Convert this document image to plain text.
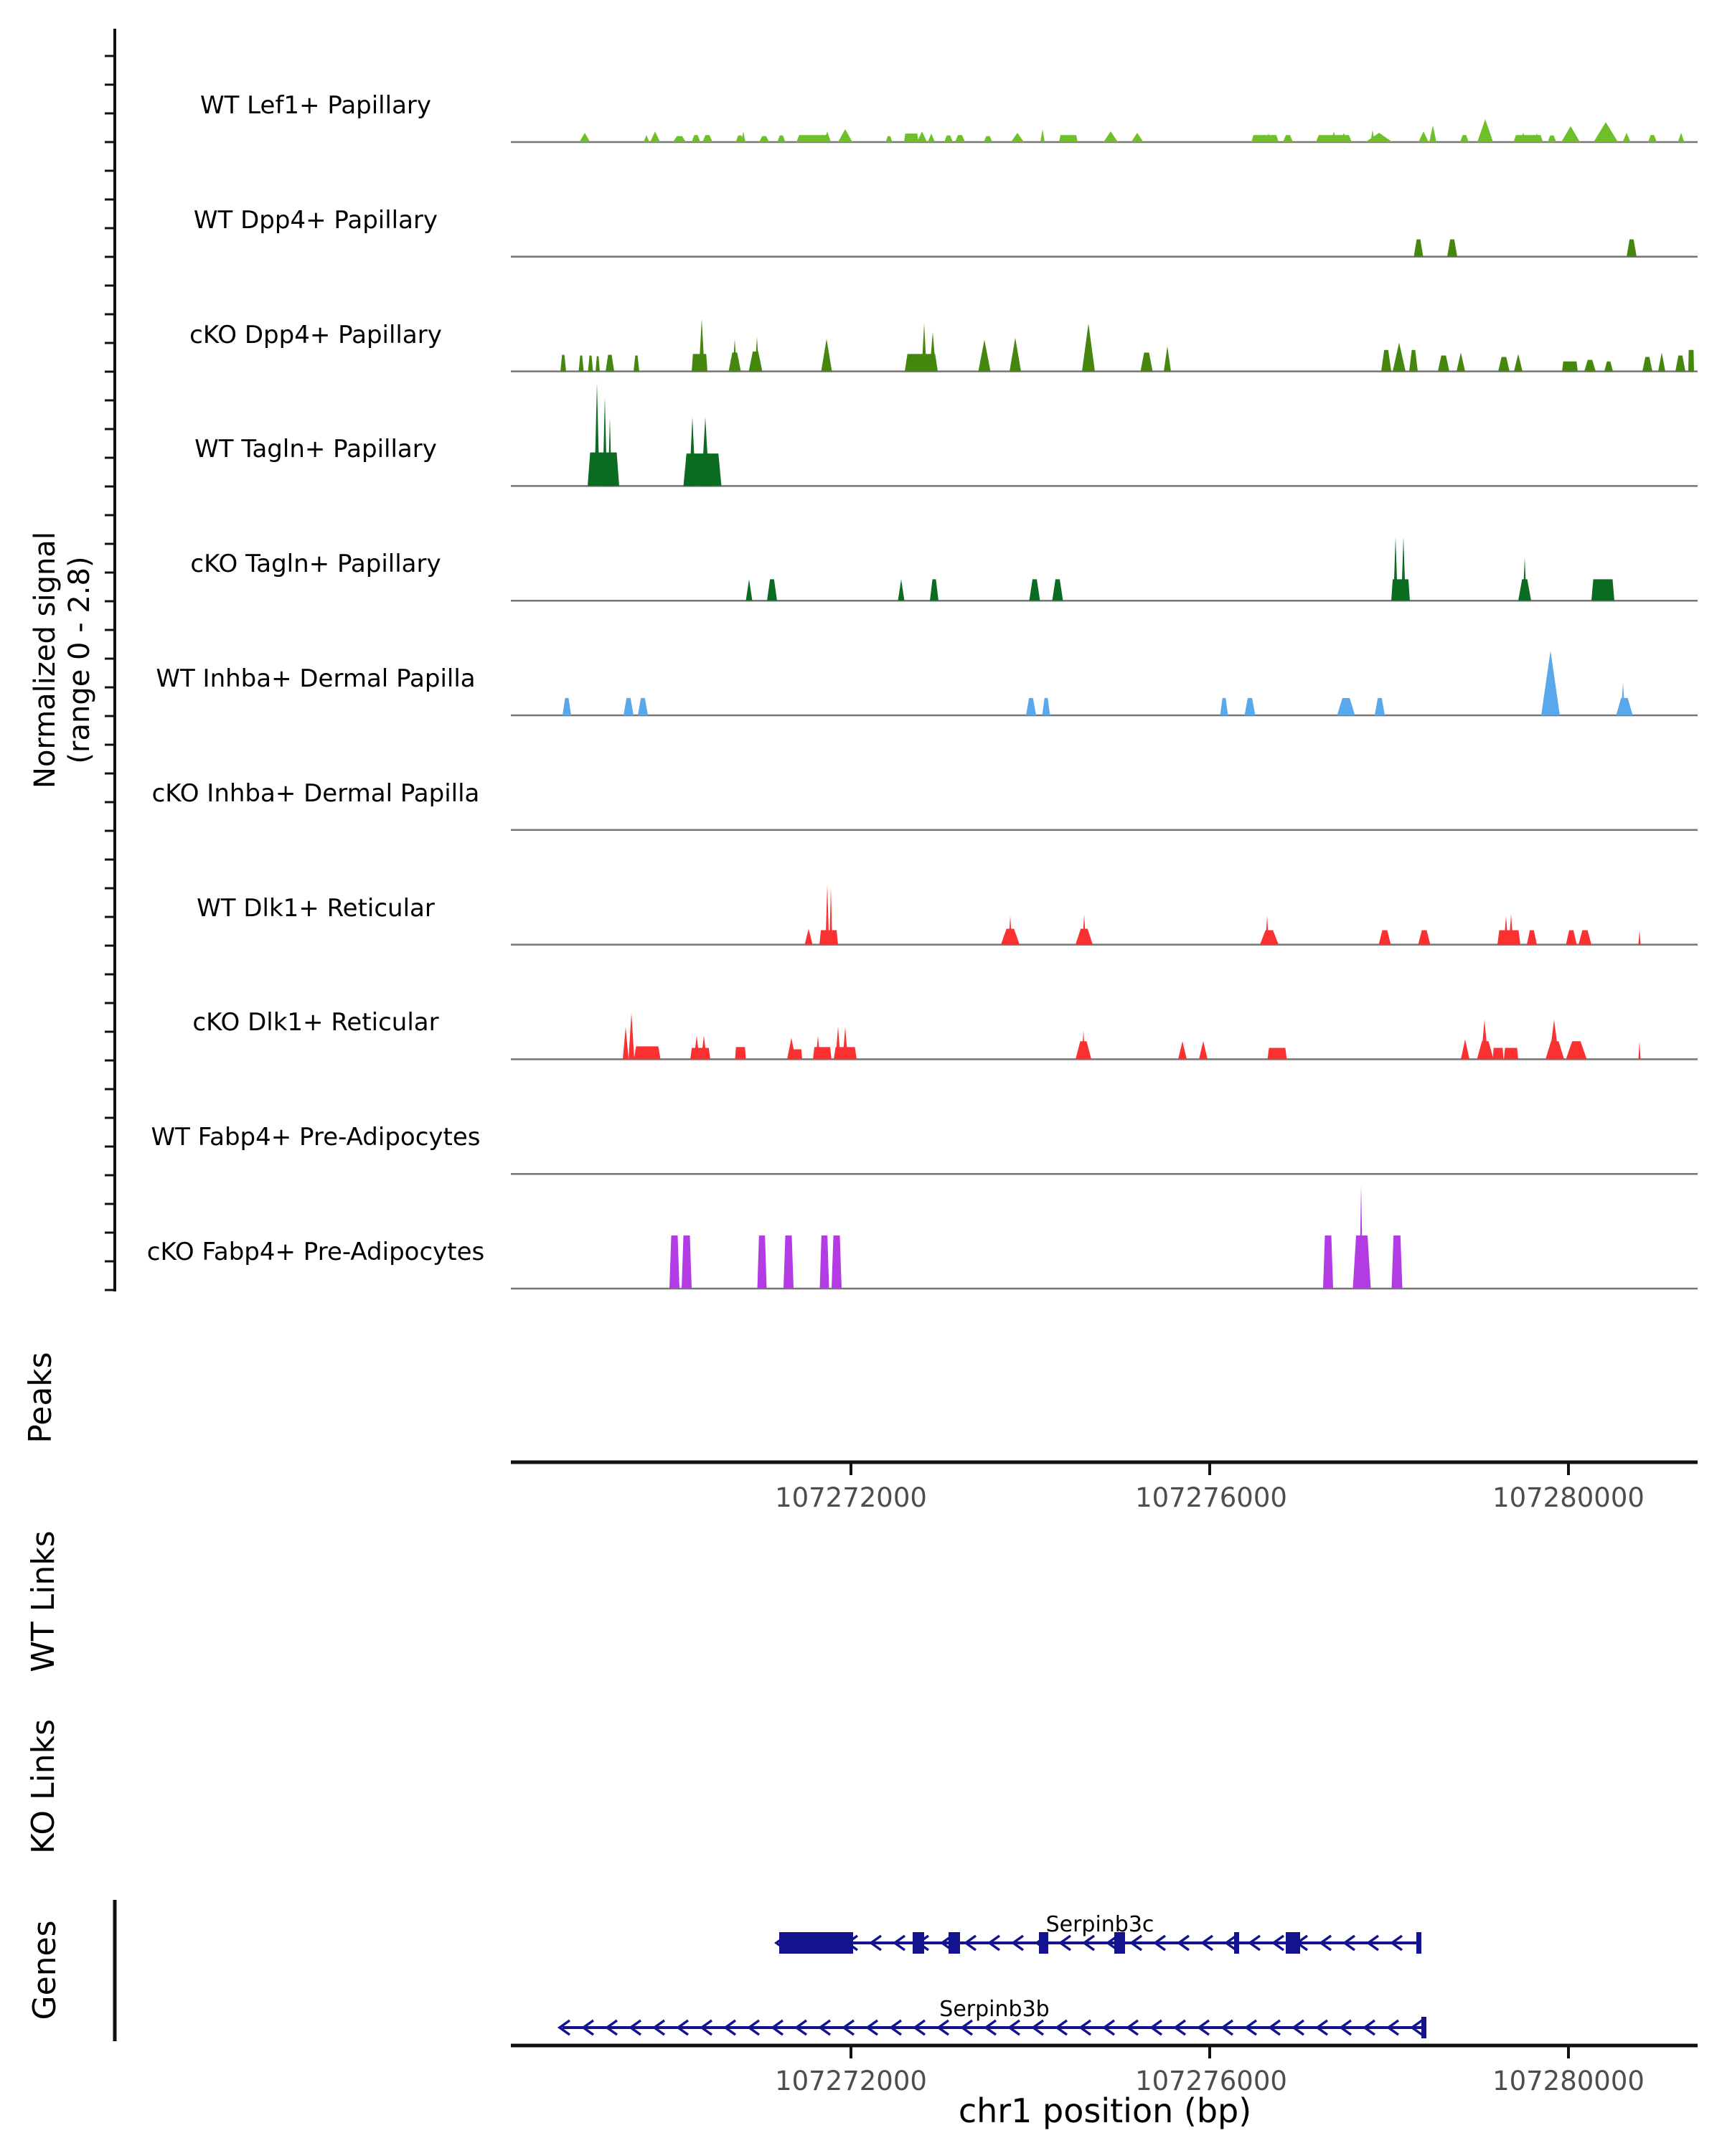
WT Lef1+ Papillary
WT Dpp4+ Papillary
cKO Dpp4+ Papillary
WT Tagln+ Papillary
cKO Tagln+ Papillary
WT Inhba+ Dermal Papilla
cKO Inhba+ Dermal Papilla
WT Dlk1+ Reticular
cKO Dlk1+ Reticular
WT Fabp4+ Pre-Adipocytes
cKO Fabp4+ Pre-Adipocytes
Normalized signal (range 0 - 2.8)
Peaks
WT Links
KO Links
Genes
107272000	107276000	107280000
107272000	107276000	107280000
Serpinb3c
Serpinb3b
chr1 position (bp)
